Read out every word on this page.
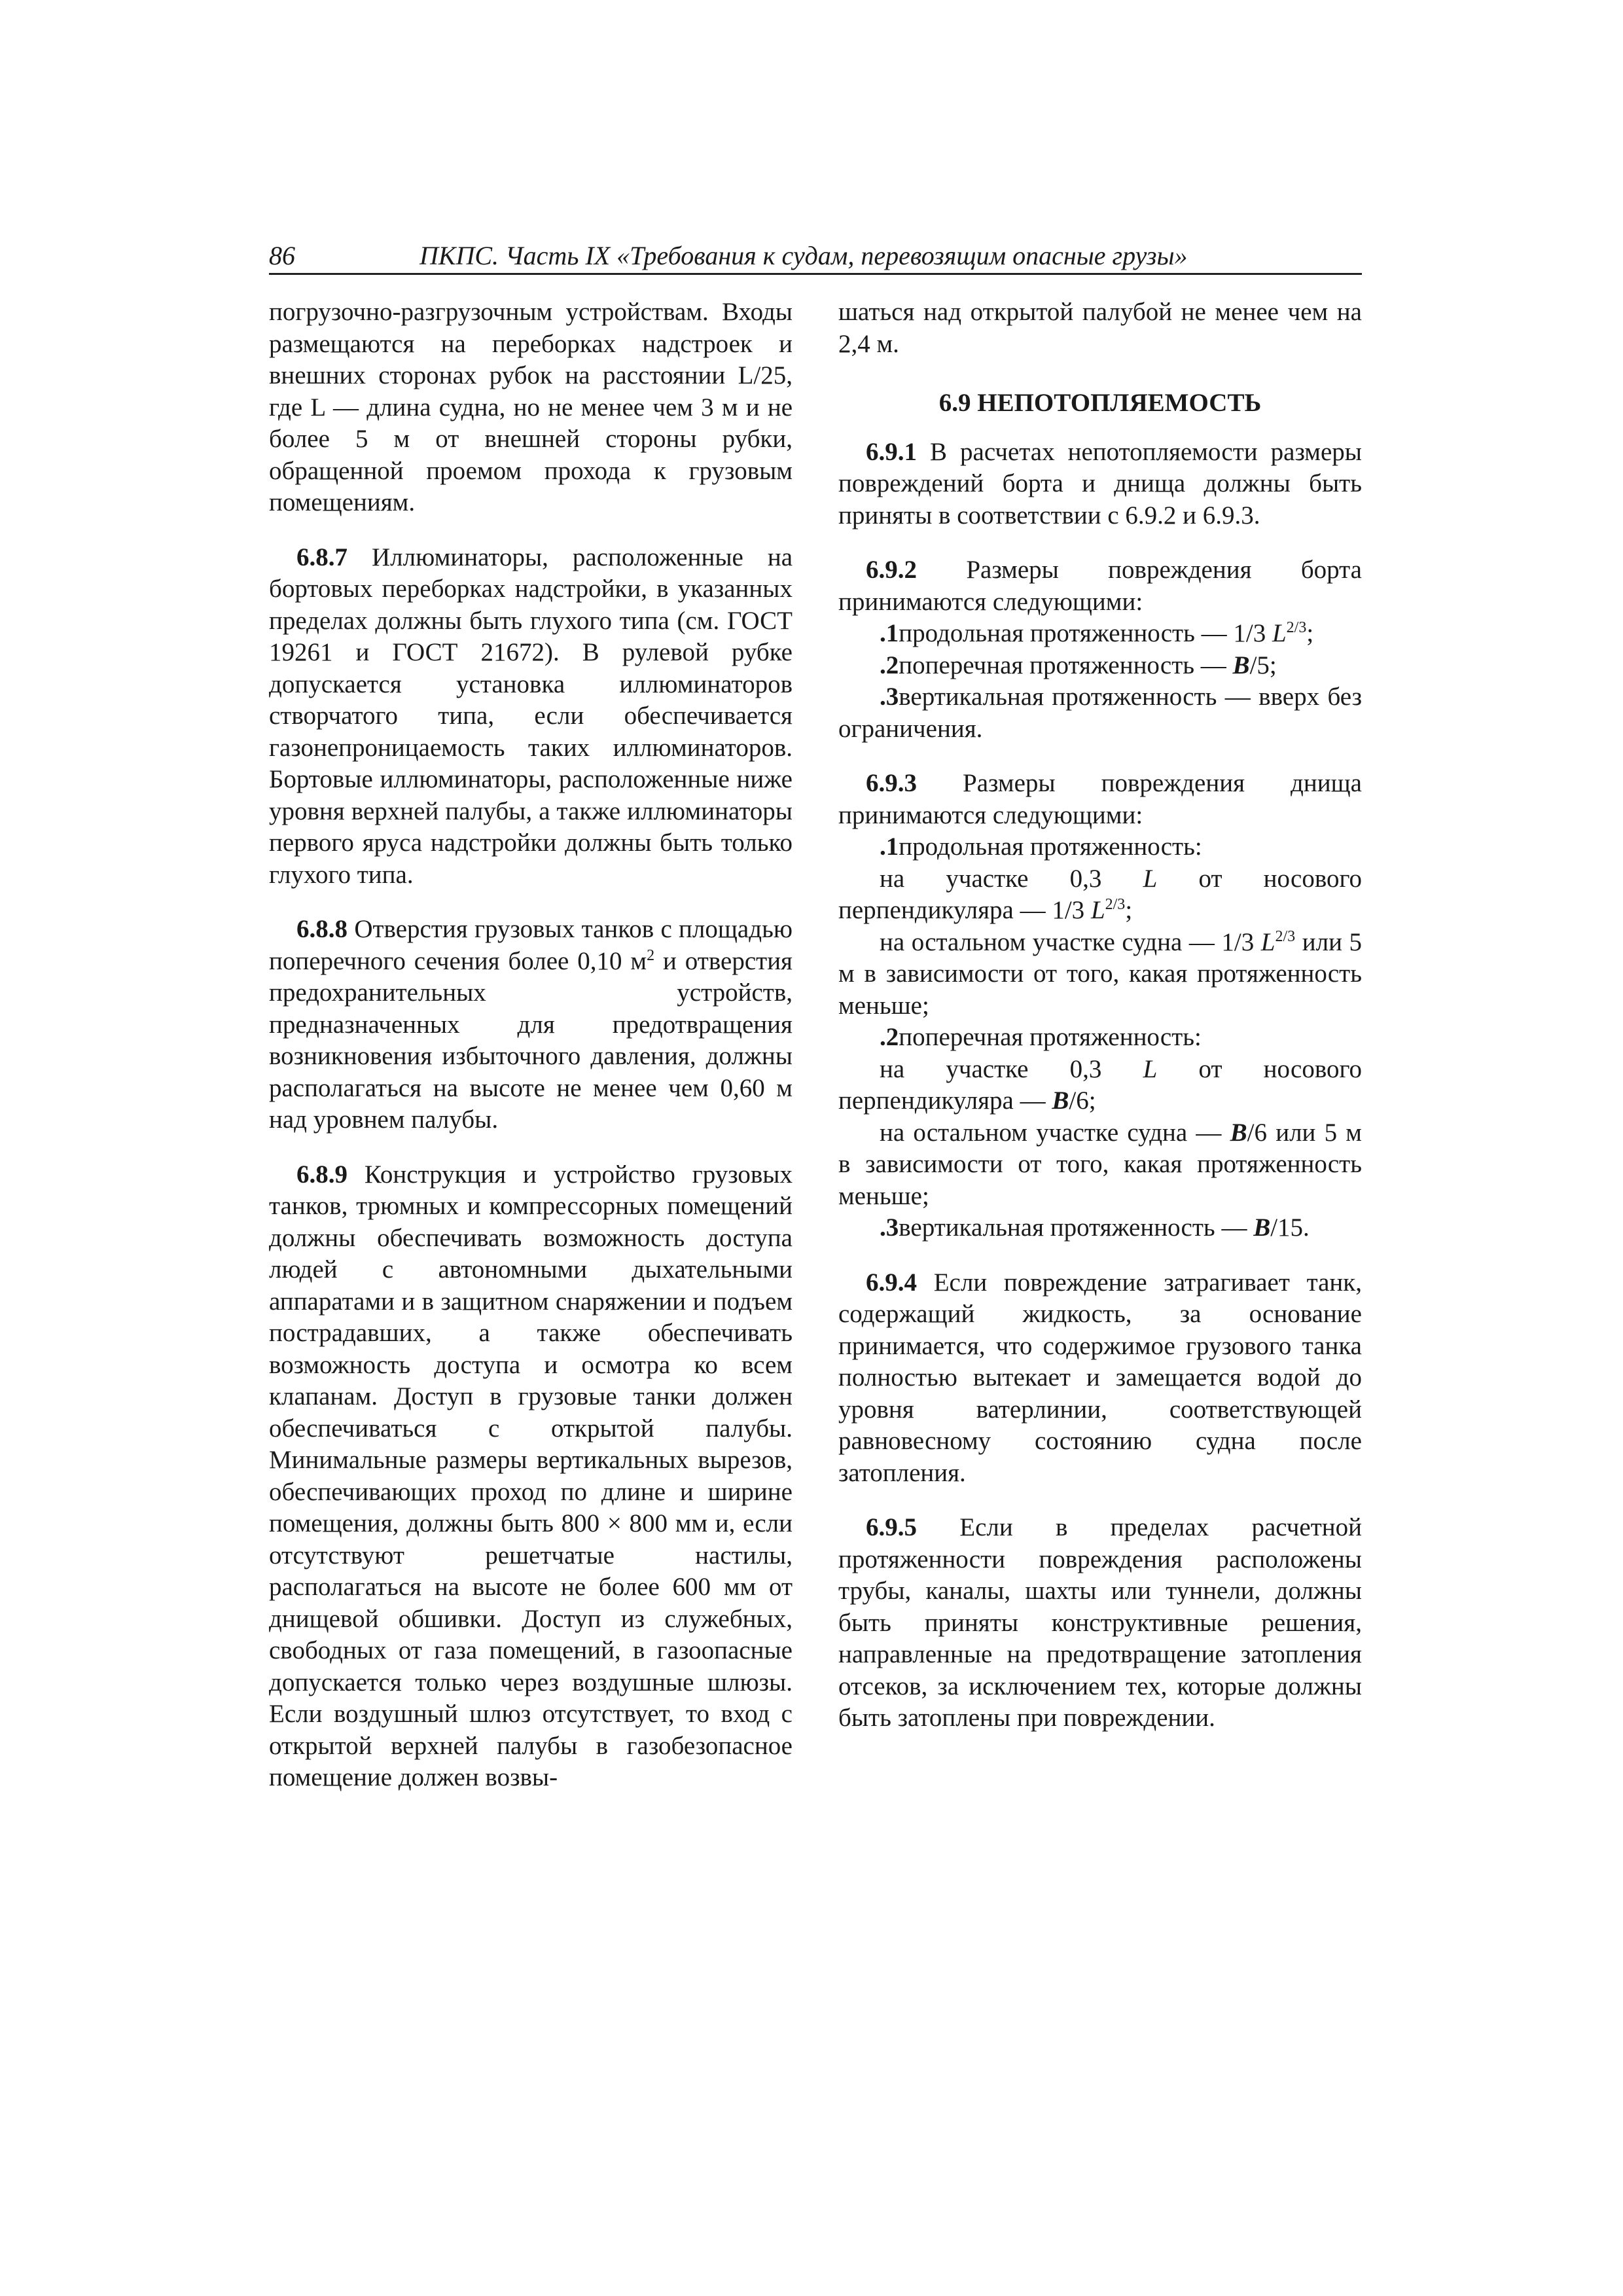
86	ПКПС. Часть IX «Требования к судам, перевозящим опасные грузы»

погрузочно-разгрузочным устройствам. Входы размещаются на переборках надстроек и внешних сторонах рубок на расстоянии L/25, где L — длина судна, но не менее чем 3 м и не более 5 м от внешней стороны рубки, обращенной проемом прохода к грузовым помещениям.

6.8.7 Иллюминаторы, расположенные на бортовых переборках надстройки, в указанных пределах должны быть глухого типа (см. ГОСТ 19261 и ГОСТ 21672). В рулевой рубке допускается установка иллюминаторов створчатого типа, если обеспечивается газонепроницаемость таких иллюминаторов. Бортовые иллюминаторы, расположенные ниже уровня верхней палубы, а также иллюминаторы первого яруса надстройки должны быть только глухого типа.

6.8.8 Отверстия грузовых танков с площадью поперечного сечения более 0,10 $м^2$ и отверстия предохранительных устройств, предназначенных для предотвращения возникновения избыточного давления, должны располагаться на высоте не менее чем 0,60 м над уровнем палубы.

6.8.9 Конструкция и устройство грузовых танков, трюмных и компрессорных помещений должны обеспечивать возможность доступа людей с автономными дыхательными аппаратами и в защитном снаряжении и подъем пострадавших, а также обеспечивать возможность доступа и осмотра ко всем клапанам. Доступ в грузовые танки должен обеспечиваться с открытой палубы. Минимальные размеры вертикальных вырезов, обеспечивающих проход по длине и ширине помещения, должны быть 800 × 800 мм и, если отсутствуют решетчатые настилы, располагаться на высоте не более 600 мм от днищевой обшивки. Доступ из служебных, свободных от газа помещений, в газоопасные допускается только через воздушные шлюзы. Если воздушный шлюз отсутствует, то вход с открытой верхней палубы в газобезопасное помещение должен возвы-

шаться над открытой палубой не менее чем на 2,4 м.

6.9 НЕПОТОПЛЯЕМОСТЬ

6.9.1 В расчетах непотопляемости размеры повреждений борта и днища должны быть приняты в соответствии с 6.9.2 и 6.9.3.

6.9.2 Размеры повреждения борта принимаются следующими:

.1продольная протяженность — 1/3 $L^{2/3}$;

.2поперечная протяженность — B/5;

.3вертикальная протяженность — вверх без ограничения.

6.9.3 Размеры повреждения днища принимаются следующими:

.1продольная протяженность:

на участке 0,3 L от носового перпендикуляра — 1/3 $L^{2/3}$;

на остальном участке судна — 1/3 $L^{2/3}$ или 5 м в зависимости от того, какая протяженность меньше;

.2поперечная протяженность:

на участке 0,3 L от носового перпендикуляра — B/6;

на остальном участке судна — B/6 или 5 м в зависимости от того, какая протяженность меньше;

.3вертикальная протяженность — B/15.

6.9.4 Если повреждение затрагивает танк, содержащий жидкость, за основание принимается, что содержимое грузового танка полностью вытекает и замещается водой до уровня ватерлинии, соответствующей равновесному состоянию судна после затопления.

6.9.5 Если в пределах расчетной протяженности повреждения расположены трубы, каналы, шахты или туннели, должны быть приняты конструктивные решения, направленные на предотвращение затопления отсеков, за исключением тех, которые должны быть затоплены при повреждении.
